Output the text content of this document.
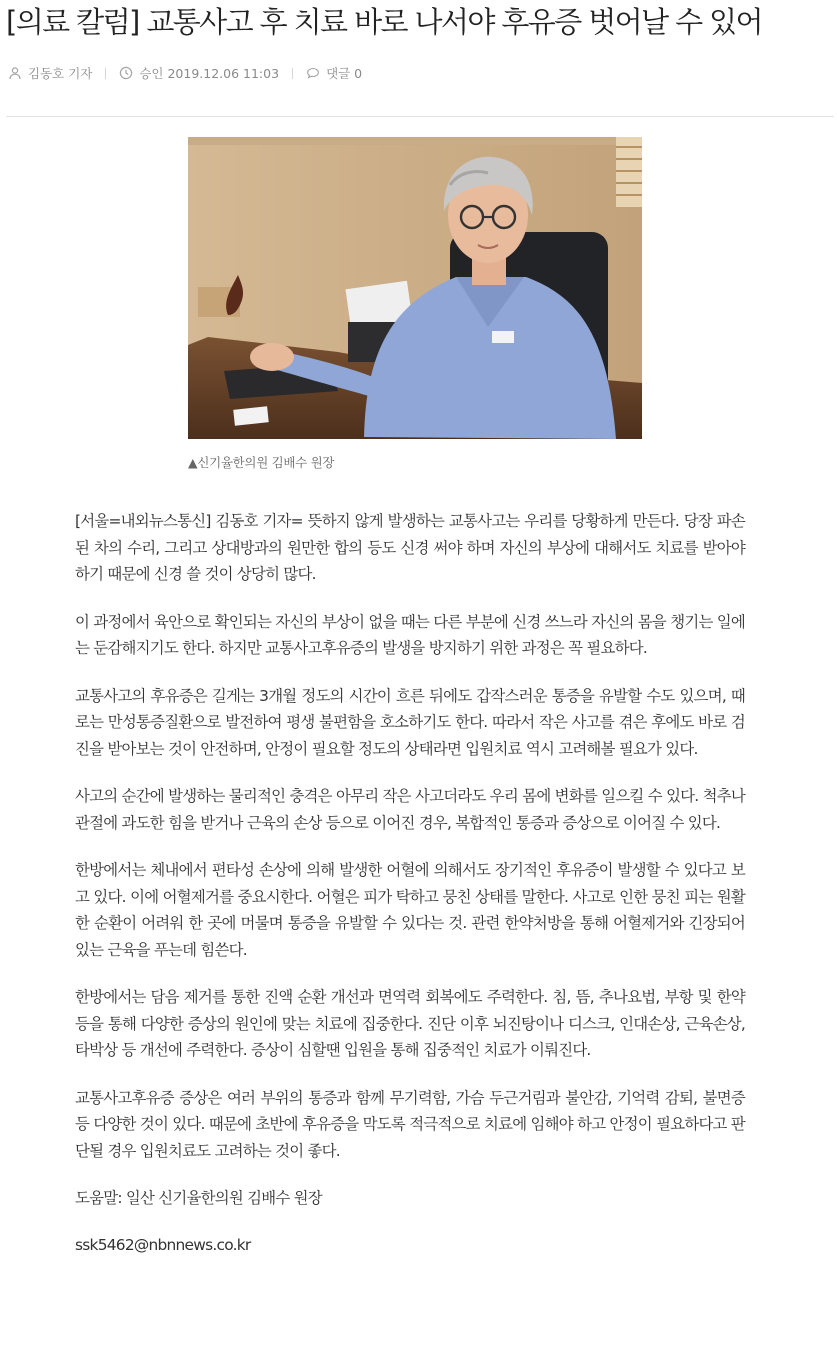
[의료 칼럼] 교통사고 후 치료 바로 나서야 후유증 벗어날 수 있어
김동호 기자	승인 2019.12.06 11:03	댓글 0
▲신기율한의원 김배수 원장

[서울=내외뉴스통신] 김동호 기자= 뜻하지 않게 발생하는 교통사고는 우리를 당황하게 만든다. 당장 파손된 차의 수리, 그리고 상대방과의 원만한 합의 등도 신경 써야 하며 자신의 부상에 대해서도 치료를 받아야 하기 때문에 신경 쓸 것이 상당히 많다.

이 과정에서 육안으로 확인되는 자신의 부상이 없을 때는 다른 부분에 신경 쓰느라 자신의 몸을 챙기는 일에는 둔감해지기도 한다. 하지만 교통사고후유증의 발생을 방지하기 위한 과정은 꼭 필요하다.

교통사고의 후유증은 길게는 3개월 정도의 시간이 흐른 뒤에도 갑작스러운 통증을 유발할 수도 있으며, 때로는 만성통증질환으로 발전하여 평생 불편함을 호소하기도 한다. 따라서 작은 사고를 겪은 후에도 바로 검진을 받아보는 것이 안전하며, 안정이 필요할 정도의 상태라면 입원치료 역시 고려해볼 필요가 있다.

사고의 순간에 발생하는 물리적인 충격은 아무리 작은 사고더라도 우리 몸에 변화를 일으킬 수 있다. 척추나 관절에 과도한 힘을 받거나 근육의 손상 등으로 이어진 경우, 복합적인 통증과 증상으로 이어질 수 있다.

한방에서는 체내에서 편타성 손상에 의해 발생한 어혈에 의해서도 장기적인 후유증이 발생할 수 있다고 보고 있다. 이에 어혈제거를 중요시한다. 어혈은 피가 탁하고 뭉친 상태를 말한다. 사고로 인한 뭉친 피는 원활한 순환이 어려워 한 곳에 머물며 통증을 유발할 수 있다는 것. 관련 한약처방을 통해 어혈제거와 긴장되어 있는 근육을 푸는데 힘쓴다.

한방에서는 담음 제거를 통한 진액 순환 개선과 면역력 회복에도 주력한다. 침, 뜸, 추나요법, 부항 및 한약 등을 통해 다양한 증상의 원인에 맞는 치료에 집중한다. 진단 이후 뇌진탕이나 디스크, 인대손상, 근육손상, 타박상 등 개선에 주력한다. 증상이 심할땐 입원을 통해 집중적인 치료가 이뤄진다.

교통사고후유증 증상은 여러 부위의 통증과 함께 무기력함, 가슴 두근거림과 불안감, 기억력 감퇴, 불면증 등 다양한 것이 있다. 때문에 초반에 후유증을 막도록 적극적으로 치료에 임해야 하고 안정이 필요하다고 판단될 경우 입원치료도 고려하는 것이 좋다.

도움말: 일산 신기율한의원 김배수 원장

ssk5462@nbnnews.co.kr
